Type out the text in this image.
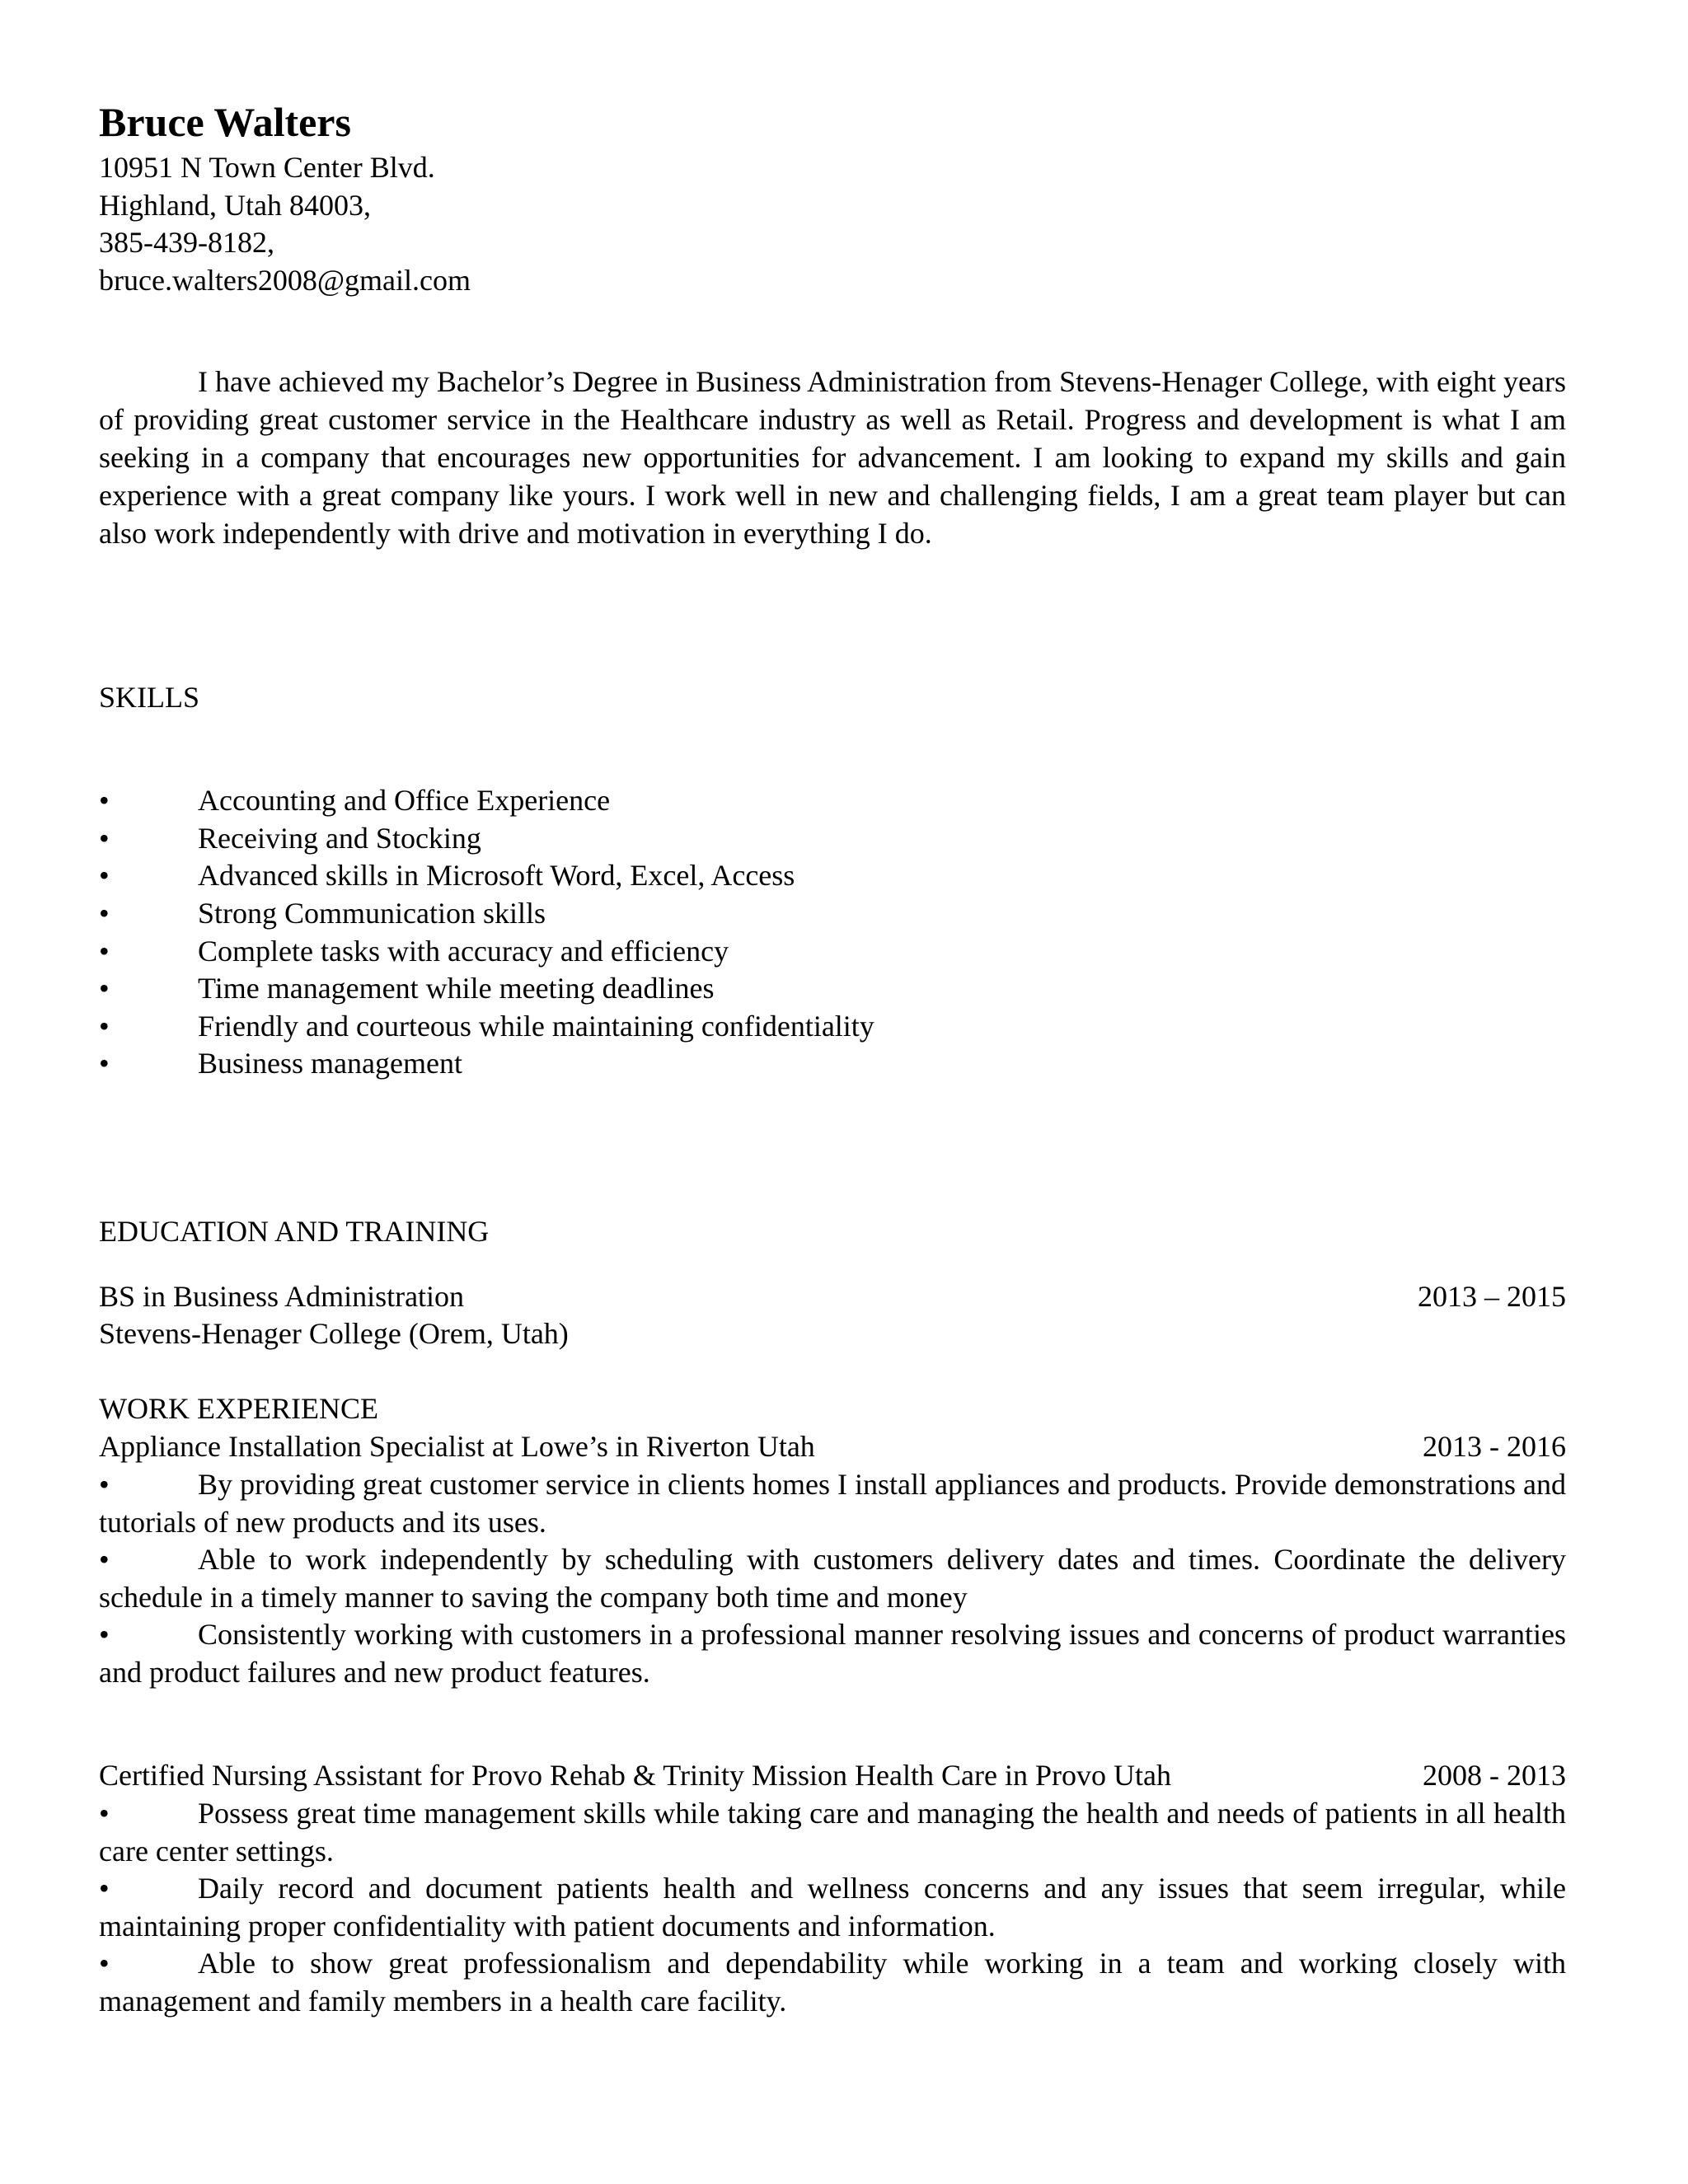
Bruce Walters
10951 N Town Center Blvd.
Highland, Utah 84003,
385-439-8182,
bruce.walters2008@gmail.com
I have achieved my Bachelor’s Degree in Business Administration from Stevens-Henager College, with eight years of providing great customer service in the Healthcare industry as well as Retail. Progress and development is what I am seeking in a company that encourages new opportunities for advancement. I am looking to expand my skills and gain experience with a great company like yours. I work well in new and challenging fields, I am a great team player but can also work independently with drive and motivation in everything I do.
SKILLS
•	Accounting and Office Experience
•	Receiving and Stocking
•	Advanced skills in Microsoft Word, Excel, Access
•	Strong Communication skills
•	Complete tasks with accuracy and efficiency
•	Time management while meeting deadlines
•	Friendly and courteous while maintaining confidentiality
•	Business management
EDUCATION AND TRAINING
BS in Business Administration	2013 – 2015
Stevens-Henager College (Orem, Utah)
WORK EXPERIENCE
Appliance Installation Specialist at Lowe’s in Riverton Utah	2013 - 2016
•	By providing great customer service in clients homes I install appliances and products. Provide demonstrations and tutorials of new products and its uses.
•	Able to work independently by scheduling with customers delivery dates and times. Coordinate the delivery schedule in a timely manner to saving the company both time and money
•	Consistently working with customers in a professional manner resolving issues and concerns of product warranties and product failures and new product features.
Certified Nursing Assistant for Provo Rehab & Trinity Mission Health Care in Provo Utah	2008 - 2013
•	Possess great time management skills while taking care and managing the health and needs of patients in all health care center settings.
•	Daily record and document patients health and wellness concerns and any issues that seem irregular, while maintaining proper confidentiality with patient documents and information.
•	Able to show great professionalism and dependability while working in a team and working closely with management and family members in a health care facility.
